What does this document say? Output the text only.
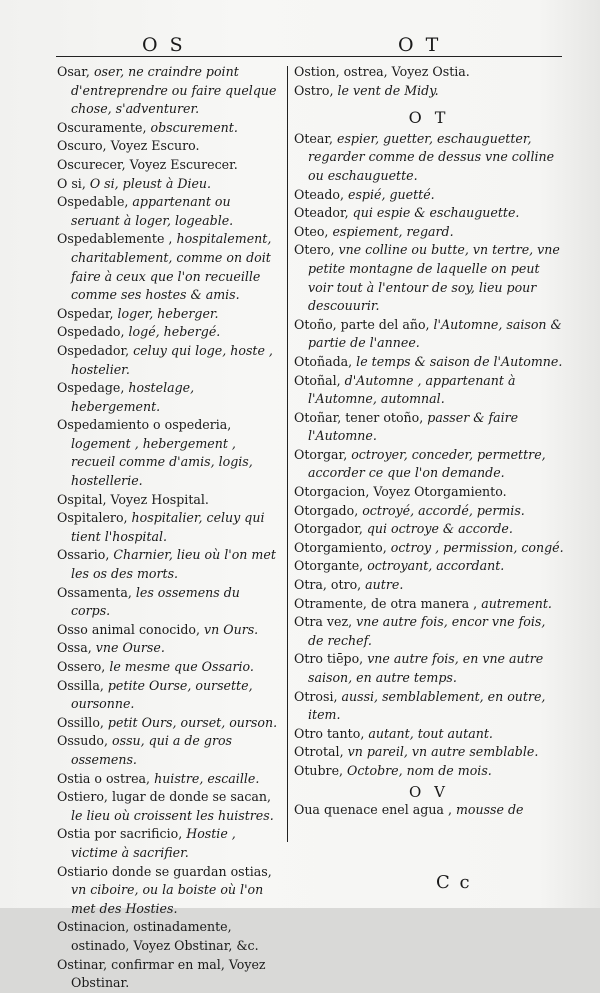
O S	O T
Osar, oser, ne craindre point d'entreprendre ou faire quelque chose, s'adventurer.
Oscuramente, obscurement.
Oscuro, Voyez Escuro.
Oscurecer, Voyez Escurecer.
O si, O si, pleust à Dieu.
Ospedable, appartenant ou seruant à loger, logeable.
Ospedablemente , hospitalement, charitablement, comme on doit faire à ceux que l'on recueille comme ses hostes & amis.
Ospedar, loger, heberger.
Ospedado, logé, hebergé.
Ospedador, celuy qui loge, hoste , hostelier.
Ospedage, hostelage, hebergement.
Ospedamiento o ospederia, logement , hebergement , recueil comme d'amis, logis, hostellerie.
Ospital, Voyez Hospital.
Ospitalero, hospitalier, celuy qui tient l'hospital.
Ossario, Charnier, lieu où l'on met les os des morts.
Ossamenta, les ossemens du corps.
Osso animal conocido, vn Ours.
Ossa, vne Ourse.
Ossero, le mesme que Ossario.
Ossilla, petite Ourse, oursette, oursonne.
Ossillo, petit Ours, ourset, ourson.
Ossudo, ossu, qui a de gros ossemens.
Ostia o ostrea, huistre, escaille.
Ostiero, lugar de donde se sacan, le lieu où croissent les huistres.
Ostia por sacrificio, Hostie , victime à sacrifier.
Ostiario donde se guardan ostias, vn ciboire, ou la boiste où l'on met des Hosties.
Ostinacion, ostinadamente, ostinado, Voyez Obstinar, &c.
Ostinar, confirmar en mal, Voyez Obstinar.
Ostion, ostrea, Voyez Ostia.
Ostro, le vent de Midy.
O T
Otear, espier, guetter, eschauguetter, regarder comme de dessus vne colline ou eschauguette.
Oteado, espié, guetté.
Oteador, qui espie & eschauguette.
Oteo, espiement, regard.
Otero, vne colline ou butte, vn tertre, vne petite montagne de laquelle on peut voir tout à l'entour de soy, lieu pour descouurir.
Otoño, parte del año, l'Automne, saison & partie de l'annee.
Otoñada, le temps & saison de l'Automne.
Otoñal, d'Automne , appartenant à l'Automne, automnal.
Otoñar, tener otoño, passer & faire l'Automne.
Otorgar, octroyer, conceder, permettre, accorder ce que l'on demande.
Otorgacion, Voyez Otorgamiento.
Otorgado, octroyé, accordé, permis.
Otorgador, qui octroye & accorde.
Otorgamiento, octroy , permission, congé.
Otorgante, octroyant, accordant.
Otra, otro, autre.
Otramente, de otra manera , autrement.
Otra vez, vne autre fois, encor vne fois, de rechef.
Otro tiēpo, vne autre fois, en vne autre saison, en autre temps.
Otrosi, aussi, semblablement, en outre, item.
Otro tanto, autant, tout autant.
Otrotal, vn pareil, vn autre semblable.
Otubre, Octobre, nom de mois.
O V
Oua quenace enel agua , mousse de
C c
